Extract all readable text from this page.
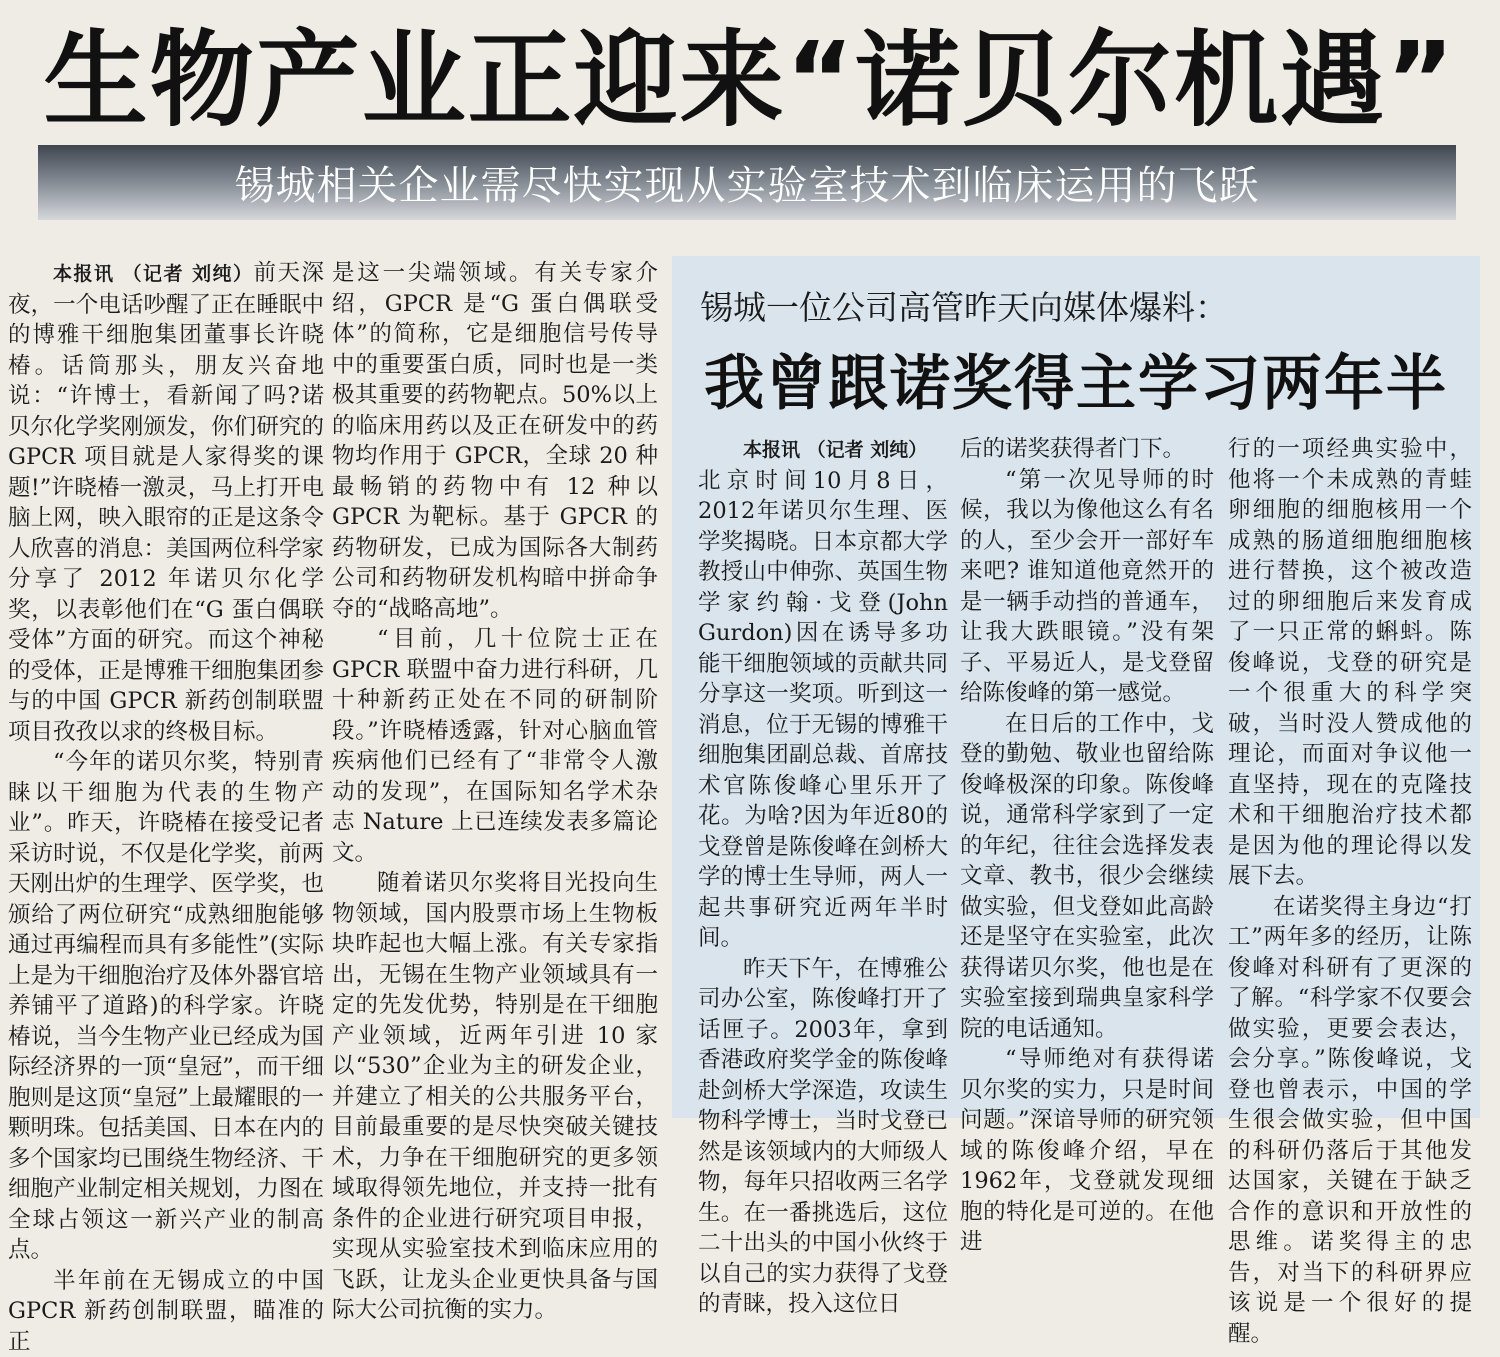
生物产业正迎来“诺贝尔机遇”
锡城相关企业需尽快实现从实验室技术到临床运用的飞跃

本报讯 （记者 刘纯）前天深夜，一个电话吵醒了正在睡眠中的博雅干细胞集团董事长许晓椿。话筒那头，朋友兴奋地说：“许博士，看新闻了吗?诺贝尔化学奖刚颁发，你们研究的 GPCR 项目就是人家得奖的课题!”许晓椿一激灵，马上打开电脑上网，映入眼帘的正是这条令人欣喜的消息：美国两位科学家分享了 2012 年诺贝尔化学奖，以表彰他们在“G 蛋白偶联受体”方面的研究。而这个神秘的受体，正是博雅干细胞集团参与的中国 GPCR 新药创制联盟项目孜孜以求的终极目标。

“今年的诺贝尔奖，特别青睐以干细胞为代表的生物产业”。昨天，许晓椿在接受记者采访时说，不仅是化学奖，前两天刚出炉的生理学、医学奖，也颁给了两位研究“成熟细胞能够通过再编程而具有多能性”(实际上是为干细胞治疗及体外器官培养铺平了道路)的科学家。许晓椿说，当今生物产业已经成为国际经济界的一顶“皇冠”，而干细胞则是这顶“皇冠”上最耀眼的一颗明珠。包括美国、日本在内的多个国家均已围绕生物经济、干细胞产业制定相关规划，力图在全球占领这一新兴产业的制高点。

半年前在无锡成立的中国 GPCR 新药创制联盟，瞄准的正

是这一尖端领域。有关专家介绍，GPCR 是“G 蛋白偶联受体”的简称，它是细胞信号传导中的重要蛋白质，同时也是一类极其重要的药物靶点。50%以上的临床用药以及正在研发中的药物均作用于 GPCR，全球 20 种最畅销的药物中有 12 种以 GPCR 为靶标。基于 GPCR 的药物研发，已成为国际各大制药公司和药物研发机构暗中拼命争夺的“战略高地”。

“目前，几十位院士正在 GPCR 联盟中奋力进行科研，几十种新药正处在不同的研制阶段。”许晓椿透露，针对心脑血管疾病他们已经有了“非常令人激动的发现”，在国际知名学术杂志 Nature 上已连续发表多篇论文。

随着诺贝尔奖将目光投向生物领域，国内股票市场上生物板块昨起也大幅上涨。有关专家指出，无锡在生物产业领域具有一定的先发优势，特别是在干细胞产业领域，近两年引进 10 家以“530”企业为主的研发企业，并建立了相关的公共服务平台，目前最重要的是尽快突破关键技术，力争在干细胞研究的更多领域取得领先地位，并支持一批有条件的企业进行研究项目申报，实现从实验室技术到临床应用的飞跃，让龙头企业更快具备与国际大公司抗衡的实力。

锡城一位公司高管昨天向媒体爆料：
我曾跟诺奖得主学习两年半

本报讯 （记者 刘纯）

北京时间10月8日，2012年诺贝尔生理、医学奖揭晓。日本京都大学教授山中伸弥、英国生物学家约翰·戈登(John Gurdon)因在诱导多功能干细胞领域的贡献共同分享这一奖项。听到这一消息，位于无锡的博雅干细胞集团副总裁、首席技术官陈俊峰心里乐开了花。为啥?因为年近80的戈登曾是陈俊峰在剑桥大学的博士生导师，两人一起共事研究近两年半时间。

昨天下午，在博雅公司办公室，陈俊峰打开了话匣子。2003年，拿到香港政府奖学金的陈俊峰赴剑桥大学深造，攻读生物科学博士，当时戈登已然是该领域内的大师级人物，每年只招收两三名学生。在一番挑选后，这位二十出头的中国小伙终于以自己的实力获得了戈登的青睐，投入这位日

后的诺奖获得者门下。

“第一次见导师的时候，我以为像他这么有名的人，至少会开一部好车来吧? 谁知道他竟然开的是一辆手动挡的普通车，让我大跌眼镜。”没有架子、平易近人，是戈登留给陈俊峰的第一感觉。

在日后的工作中，戈登的勤勉、敬业也留给陈俊峰极深的印象。陈俊峰说，通常科学家到了一定的年纪，往往会选择发表文章、教书，很少会继续做实验，但戈登如此高龄还是坚守在实验室，此次获得诺贝尔奖，他也是在实验室接到瑞典皇家科学院的电话通知。

“导师绝对有获得诺贝尔奖的实力，只是时间问题。”深谙导师的研究领域的陈俊峰介绍，早在 1962年，戈登就发现细胞的特化是可逆的。在他进

行的一项经典实验中，他将一个未成熟的青蛙卵细胞的细胞核用一个成熟的肠道细胞细胞核进行替换，这个被改造过的卵细胞后来发育成了一只正常的蝌蚪。陈俊峰说，戈登的研究是一个很重大的科学突破，当时没人赞成他的理论，而面对争议他一直坚持，现在的克隆技术和干细胞治疗技术都是因为他的理论得以发展下去。

在诺奖得主身边“打工”两年多的经历，让陈俊峰对科研有了更深的了解。“科学家不仅要会做实验，更要会表达，会分享。”陈俊峰说，戈登也曾表示，中国的学生很会做实验，但中国的科研仍落后于其他发达国家，关键在于缺乏合作的意识和开放性的思维。诺奖得主的忠告，对当下的科研界应该说是一个很好的提醒。
